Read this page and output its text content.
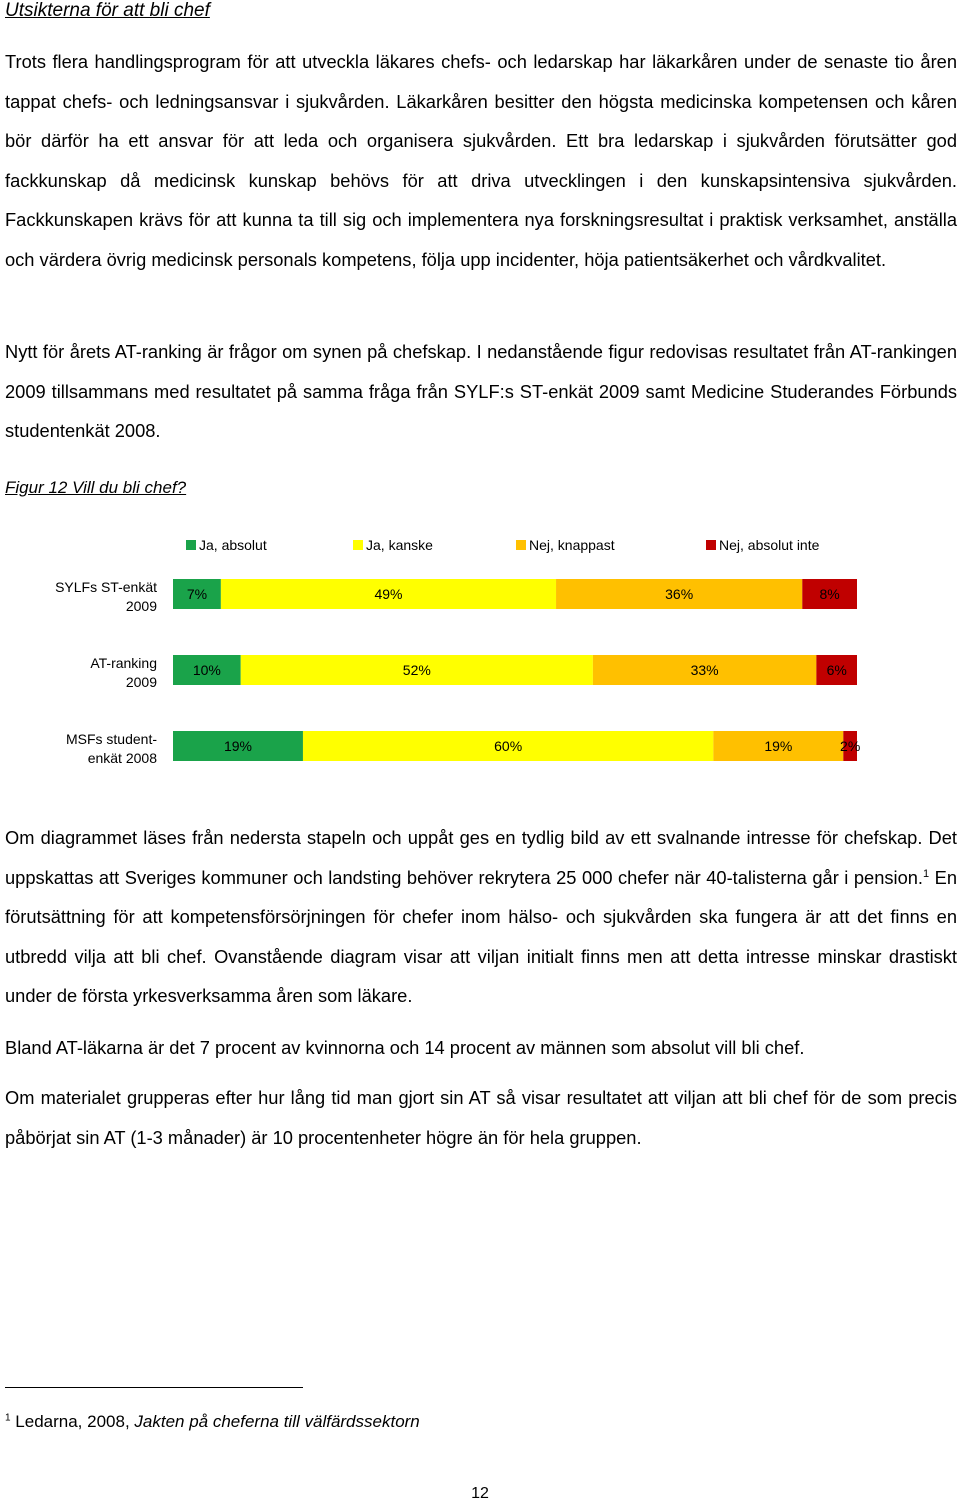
Utsikterna för att bli chef

Trots flera handlingsprogram för att utveckla läkares chefs- och ledarskap har läkarkåren under de senaste tio åren tappat chefs- och ledningsansvar i sjukvården. Läkarkåren besitter den högsta medicinska kompetensen och kåren bör därför ha ett ansvar för att leda och organisera sjukvården. Ett bra ledarskap i sjukvården förutsätter god fackkunskap då medicinsk kunskap behövs för att driva utvecklingen i den kunskapsintensiva sjukvården. Fackkunskapen krävs för att kunna ta till sig och implementera nya forskningsresultat i praktisk verksamhet, anställa och värdera övrig medicinsk personals kompetens, följa upp incidenter, höja patientsäkerhet och vårdkvalitet.

Nytt för årets AT-ranking är frågor om synen på chefskap. I nedanstående figur redovisas resultatet från AT-rankingen 2009 tillsammans med resultatet på samma fråga från SYLF:s ST-enkät 2009 samt Medicine Studerandes Förbunds studentenkät 2008.

Figur 12 Vill du bli chef?

Ja, absolut	Ja, kanske	Nej, knappast	Nej, absolut inte
SYLFs ST-enkät
2009
7%	49%	36%	8%
AT-ranking
2009
10%	52%	33%	6%
MSFs student-
enkät 2008
19%	60%	19%	2%

Om diagrammet läses från nedersta stapeln och uppåt ges en tydlig bild av ett svalnande intresse för chefskap. Det uppskattas att Sveriges kommuner och landsting behöver rekrytera 25 000 chefer när 40-talisterna går i pension.$^1$ En förutsättning för att kompetensförsörjningen för chefer inom hälso- och sjukvården ska fungera är att det finns en utbredd vilja att bli chef. Ovanstående diagram visar att viljan initialt finns men att detta intresse minskar drastiskt under de första yrkesverksamma åren som läkare.

Bland AT-läkarna är det 7 procent av kvinnorna och 14 procent av männen som absolut vill bli chef.

Om materialet grupperas efter hur lång tid man gjort sin AT så visar resultatet att viljan att bli chef för de som precis påbörjat sin AT (1-3 månader) är 10 procentenheter högre än för hela gruppen.

$^1$ Ledarna, 2008, Jakten på cheferna till välfärdssektorn

12
